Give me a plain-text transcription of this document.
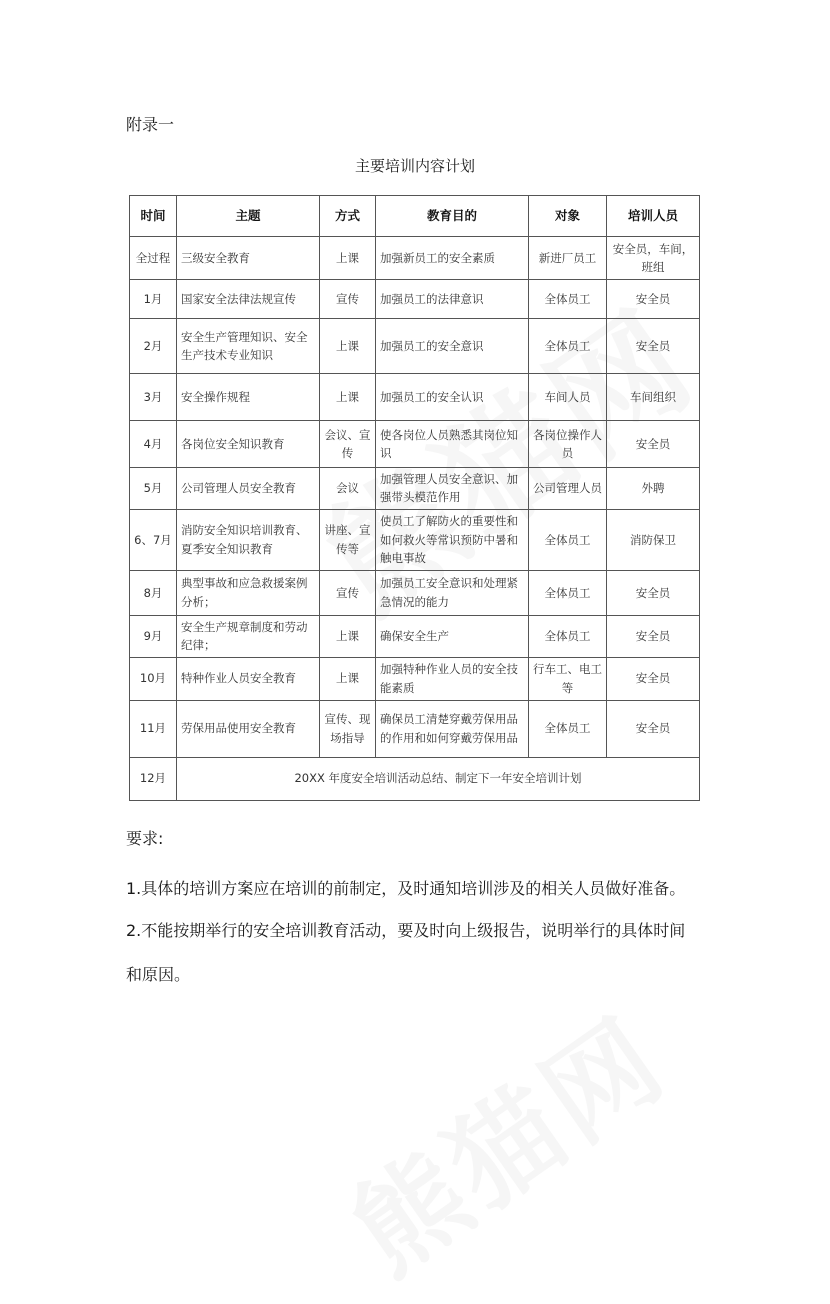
附录一
主要培训内容计划
时间	主题	方式	教育目的	对象	培训人员
全过程	三级安全教育	上课	加强新员工的安全素质	新进厂员工	安全员，车间，班组
1月	国家安全法律法规宣传	宣传	加强员工的法律意识	全体员工	安全员
2月	安全生产管理知识、安全生产技术专业知识	上课	加强员工的安全意识	全体员工	安全员
3月	安全操作规程	上课	加强员工的安全认识	车间人员	车间组织
4月	各岗位安全知识教育	会议、宣传	使各岗位人员熟悉其岗位知识	各岗位操作人员	安全员
5月	公司管理人员安全教育	会议	加强管理人员安全意识、加强带头模范作用	公司管理人员	外聘
6、7月	消防安全知识培训教育、夏季安全知识教育	讲座、宣传等	使员工了解防火的重要性和如何救火等常识预防中暑和触电事故	全体员工	消防保卫
8月	典型事故和应急救援案例分析；	宣传	加强员工安全意识和处理紧急情况的能力	全体员工	安全员
9月	安全生产规章制度和劳动纪律；	上课	确保安全生产	全体员工	安全员
10月	特种作业人员安全教育	上课	加强特种作业人员的安全技能素质	行车工、电工等	安全员
11月	劳保用品使用安全教育	宣传、现场指导	确保员工清楚穿戴劳保用品的作用和如何穿戴劳保用品	全体员工	安全员
12月	20XX 年度安全培训活动总结、制定下一年安全培训计划				
要求:
1.具体的培训方案应在培训的前制定，及时通知培训涉及的相关人员做好准备。
2.不能按期举行的安全培训教育活动，要及时向上级报告，说明举行的具体时间
和原因。
